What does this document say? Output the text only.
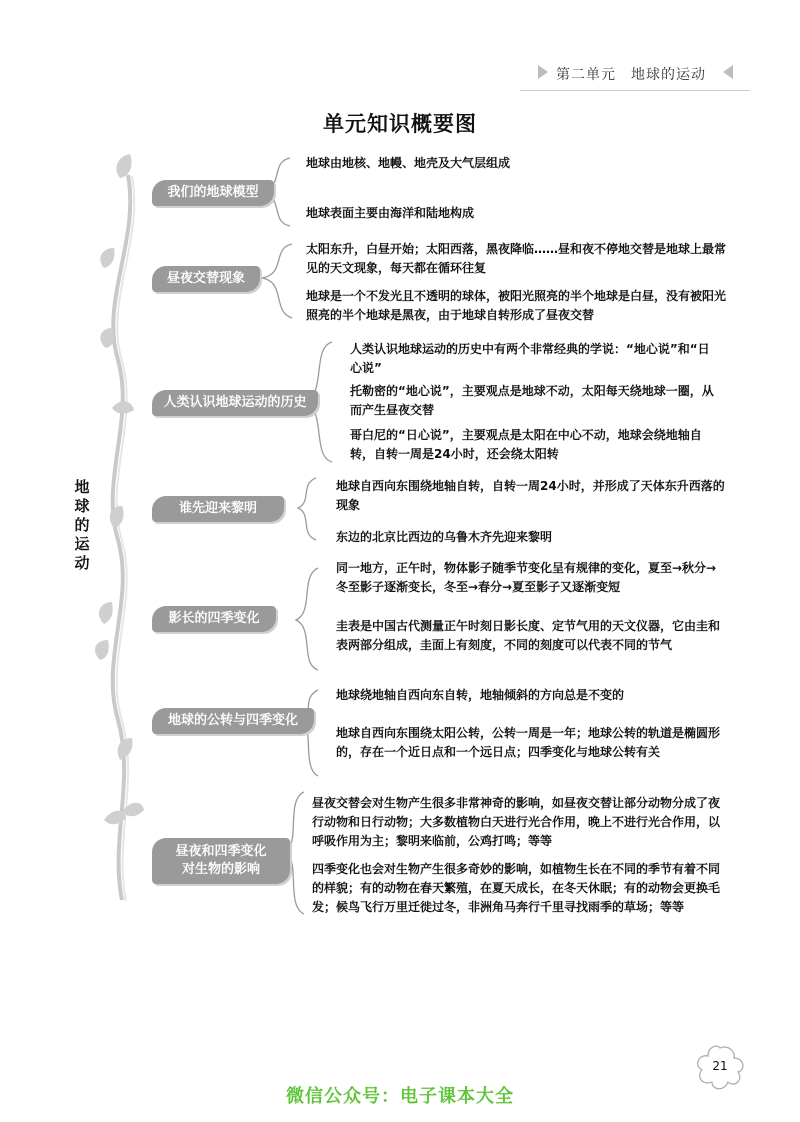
第二单元　地球的运动
单元知识概要图
地球的运动
我们的地球模型
地球由地核、地幔、地壳及大气层组成
地球表面主要由海洋和陆地构成
昼夜交替现象
太阳东升，白昼开始；太阳西落，黑夜降临……昼和夜不停地交替是地球上最常见的天文现象，每天都在循环往复
地球是一个不发光且不透明的球体，被阳光照亮的半个地球是白昼，没有被阳光照亮的半个地球是黑夜，由于地球自转形成了昼夜交替
人类认识地球运动的历史
人类认识地球运动的历史中有两个非常经典的学说：“地心说”和“日心说”
托勒密的“地心说”，主要观点是地球不动，太阳每天绕地球一圈，从而产生昼夜交替
哥白尼的“日心说”，主要观点是太阳在中心不动，地球会绕地轴自转，自转一周是24小时，还会绕太阳转
谁先迎来黎明
地球自西向东围绕地轴自转，自转一周24小时，并形成了天体东升西落的现象
东边的北京比西边的乌鲁木齐先迎来黎明
影长的四季变化
同一地方，正午时，物体影子随季节变化呈有规律的变化，夏至→秋分→冬至影子逐渐变长，冬至→春分→夏至影子又逐渐变短
圭表是中国古代测量正午时刻日影长度、定节气用的天文仪器，它由圭和表两部分组成，圭面上有刻度，不同的刻度可以代表不同的节气
地球的公转与四季变化
地球绕地轴自西向东自转，地轴倾斜的方向总是不变的
地球自西向东围绕太阳公转，公转一周是一年；地球公转的轨道是椭圆形的，存在一个近日点和一个远日点；四季变化与地球公转有关
昼夜和四季变化
对生物的影响
昼夜交替会对生物产生很多非常神奇的影响，如昼夜交替让部分动物分成了夜行动物和日行动物；大多数植物白天进行光合作用，晚上不进行光合作用，以呼吸作用为主；黎明来临前，公鸡打鸣；等等
四季变化也会对生物产生很多奇妙的影响，如植物生长在不同的季节有着不同的样貌；有的动物在春天繁殖，在夏天成长，在冬天休眠；有的动物会更换毛发；候鸟飞行万里迁徙过冬，非洲角马奔行千里寻找雨季的草场；等等
21
微信公众号：电子课本大全
